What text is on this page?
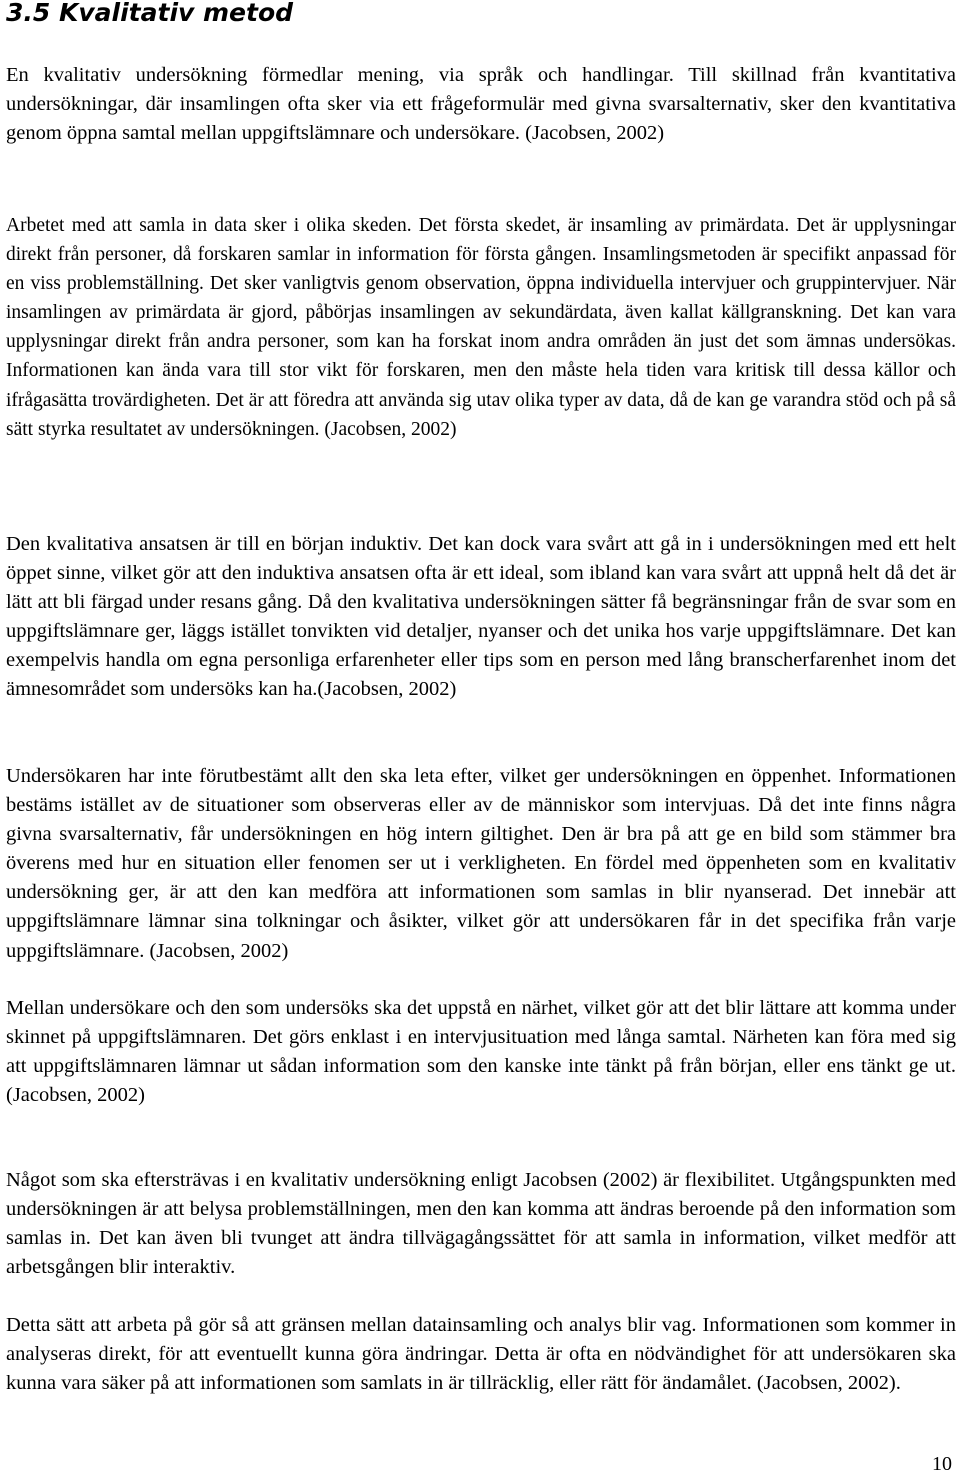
3.5 Kvalitativ metod

En kvalitativ undersökning förmedlar mening, via språk och handlingar. Till skillnad från kvantitativa undersökningar, där insamlingen ofta sker via ett frågeformulär med givna svarsalternativ, sker den kvantitativa genom öppna samtal mellan uppgiftslämnare och undersökare. (Jacobsen, 2002)

Arbetet med att samla in data sker i olika skeden. Det första skedet, är insamling av primärdata. Det är upplysningar direkt från personer, då forskaren samlar in information för första gången. Insamlingsmetoden är specifikt anpassad för en viss problemställning. Det sker vanligtvis genom observation, öppna individuella intervjuer och gruppintervjuer. När insamlingen av primärdata är gjord, påbörjas insamlingen av sekundärdata, även kallat källgranskning. Det kan vara upplysningar direkt från andra personer, som kan ha forskat inom andra områden än just det som ämnas undersökas. Informationen kan ända vara till stor vikt för forskaren, men den måste hela tiden vara kritisk till dessa källor och ifrågasätta trovärdigheten. Det är att föredra att använda sig utav olika typer av data, då de kan ge varandra stöd och på så sätt styrka resultatet av undersökningen. (Jacobsen, 2002)

Den kvalitativa ansatsen är till en början induktiv. Det kan dock vara svårt att gå in i undersökningen med ett helt öppet sinne, vilket gör att den induktiva ansatsen ofta är ett ideal, som ibland kan vara svårt att uppnå helt då det är lätt att bli färgad under resans gång. Då den kvalitativa undersökningen sätter få begränsningar från de svar som en uppgiftslämnare ger, läggs istället tonvikten vid detaljer, nyanser och det unika hos varje uppgiftslämnare. Det kan exempelvis handla om egna personliga erfarenheter eller tips som en person med lång branscherfarenhet inom det ämnesområdet som undersöks kan ha.(Jacobsen, 2002)

Undersökaren har inte förutbestämt allt den ska leta efter, vilket ger undersökningen en öppenhet. Informationen bestäms istället av de situationer som observeras eller av de människor som intervjuas. Då det inte finns några givna svarsalternativ, får undersökningen en hög intern giltighet. Den är bra på att ge en bild som stämmer bra överens med hur en situation eller fenomen ser ut i verkligheten. En fördel med öppenheten som en kvalitativ undersökning ger, är att den kan medföra att informationen som samlas in blir nyanserad. Det innebär att uppgiftslämnare lämnar sina tolkningar och åsikter, vilket gör att undersökaren får in det specifika från varje uppgiftslämnare. (Jacobsen, 2002)

Mellan undersökare och den som undersöks ska det uppstå en närhet, vilket gör att det blir lättare att komma under skinnet på uppgiftslämnaren. Det görs enklast i en intervjusituation med långa samtal. Närheten kan föra med sig att uppgiftslämnaren lämnar ut sådan information som den kanske inte tänkt på från början, eller ens tänkt ge ut. (Jacobsen, 2002)

Något som ska eftersträvas i en kvalitativ undersökning enligt Jacobsen (2002) är flexibilitet. Utgångspunkten med undersökningen är att belysa problemställningen, men den kan komma att ändras beroende på den information som samlas in. Det kan även bli tvunget att ändra tillvägagångssättet för att samla in information, vilket medför att arbetsgången blir interaktiv.

Detta sätt att arbeta på gör så att gränsen mellan datainsamling och analys blir vag. Informationen som kommer in analyseras direkt, för att eventuellt kunna göra ändringar. Detta är ofta en nödvändighet för att undersökaren ska kunna vara säker på att informationen som samlats in är tillräcklig, eller rätt för ändamålet. (Jacobsen, 2002).

10
